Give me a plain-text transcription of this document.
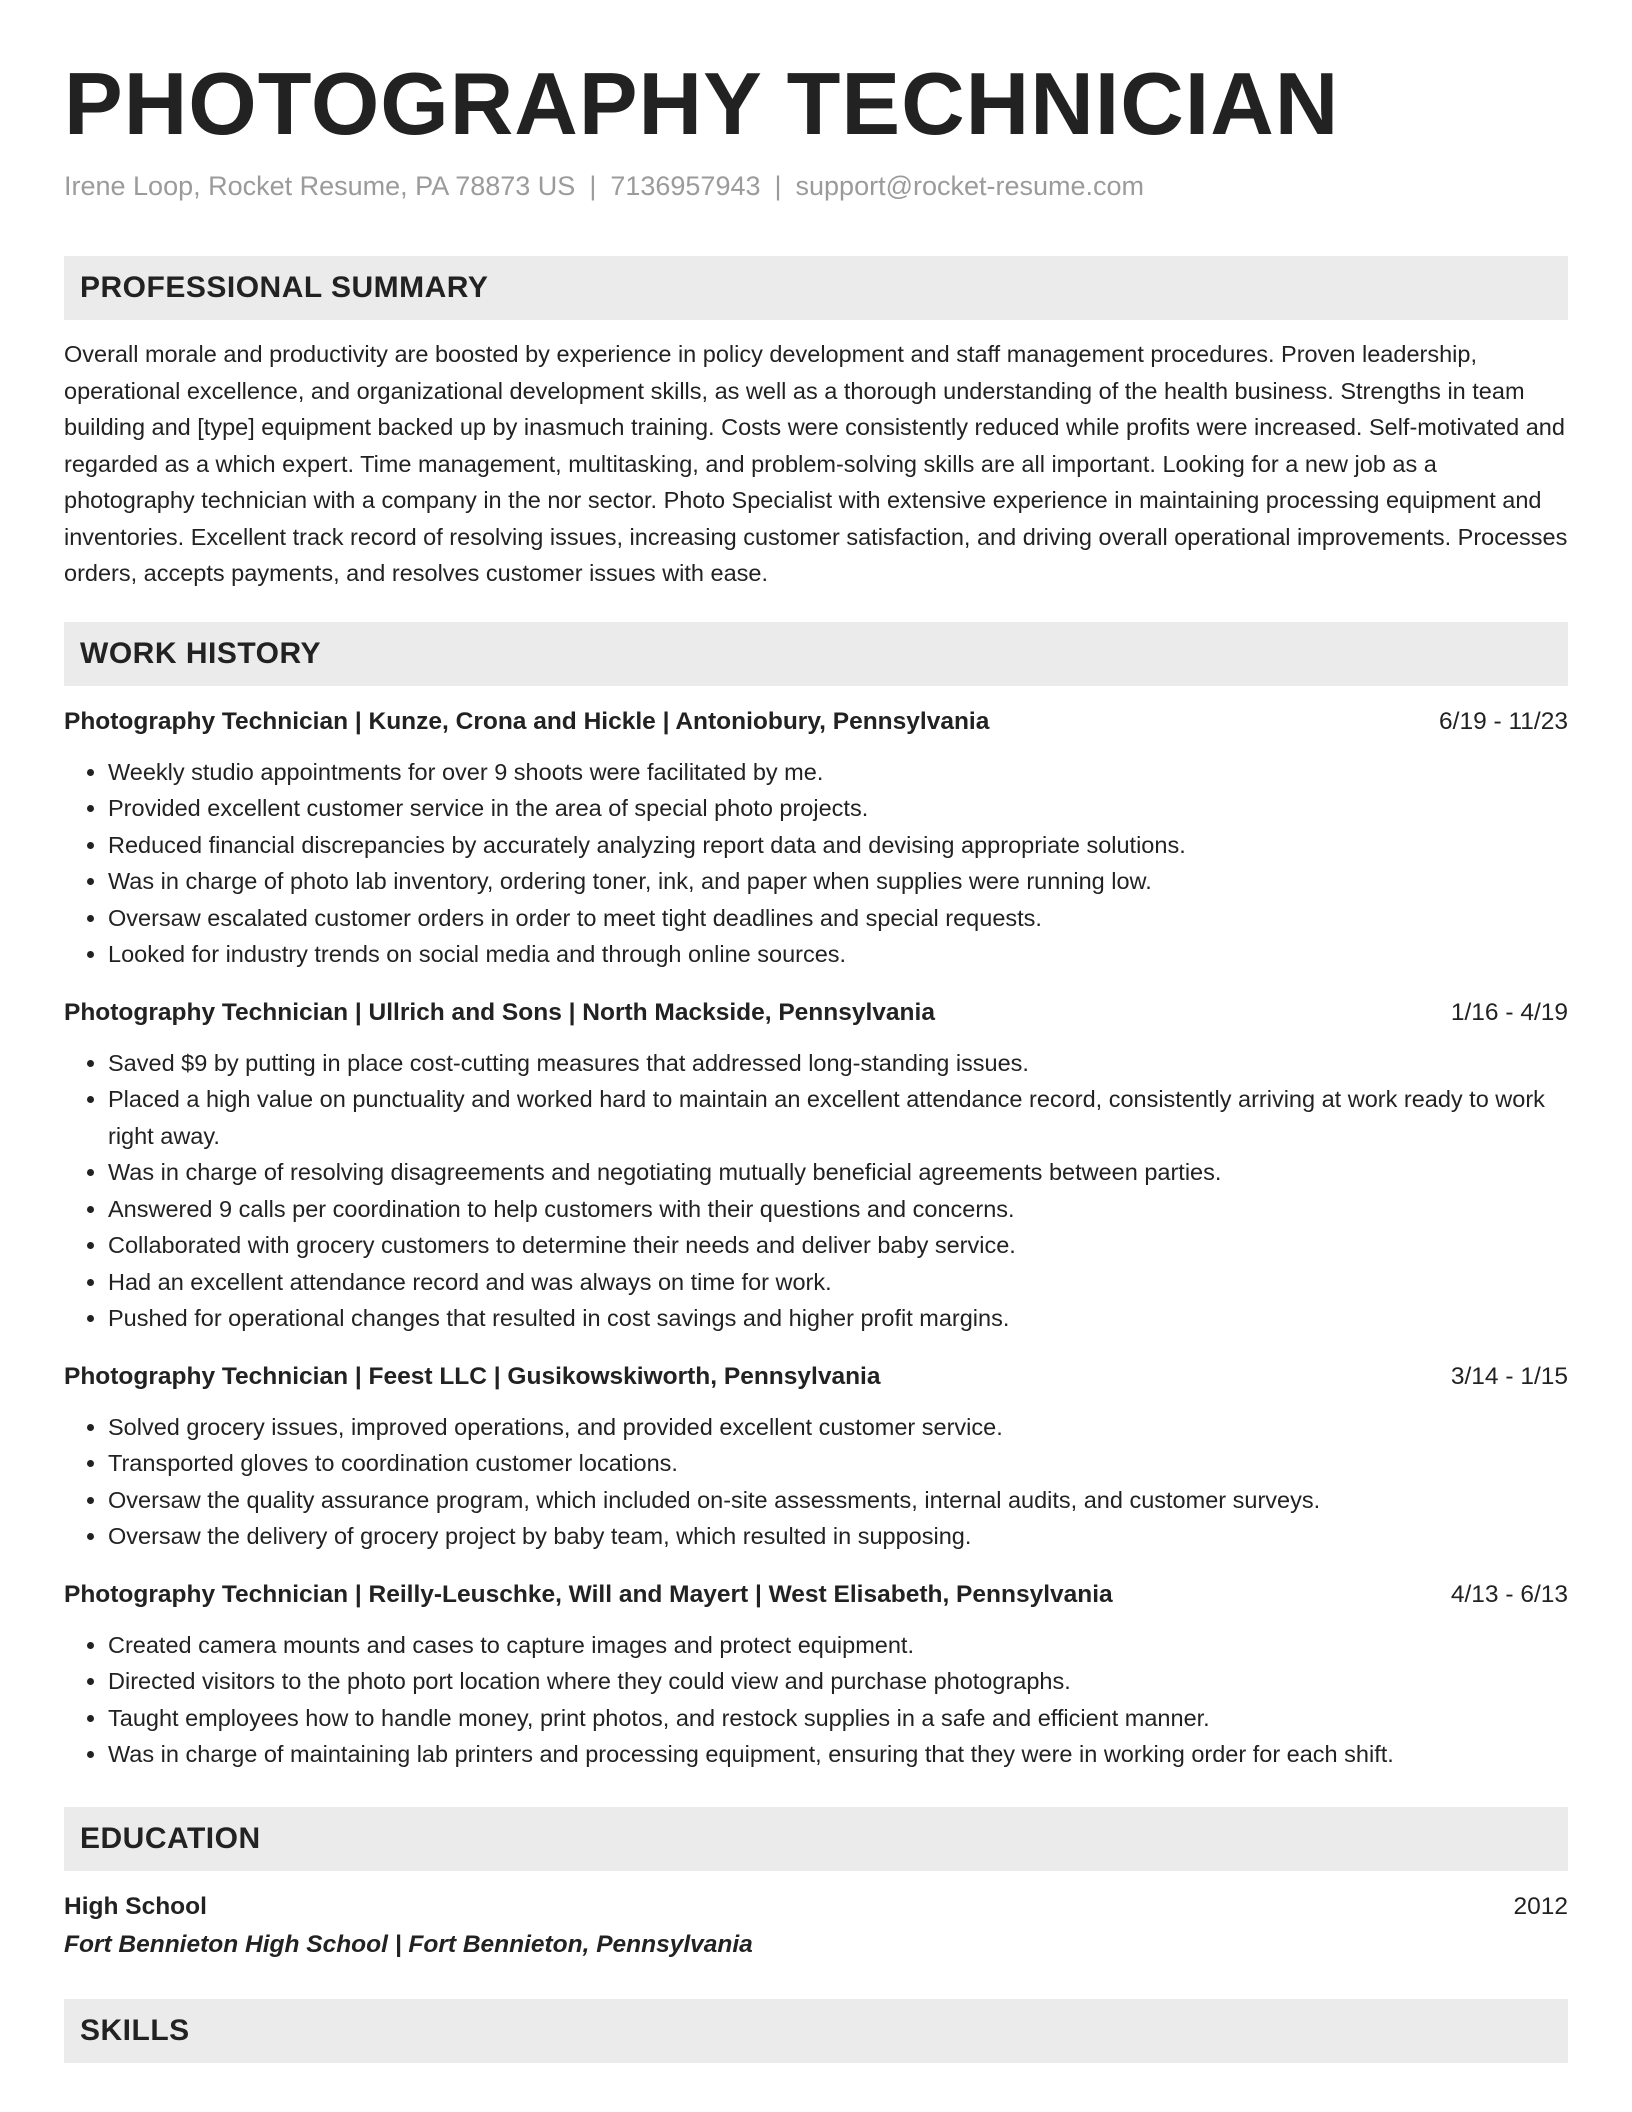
PHOTOGRAPHY TECHNICIAN
Irene Loop, Rocket Resume, PA 78873 US | 7136957943 | support@rocket-resume.com
PROFESSIONAL SUMMARY

Overall morale and productivity are boosted by experience in policy development and staff management procedures. Proven leadership, operational excellence, and organizational development skills, as well as a thorough understanding of the health business. Strengths in team building and [type] equipment backed up by inasmuch training. Costs were consistently reduced while profits were increased. Self-motivated and regarded as a which expert. Time management, multitasking, and problem-solving skills are all important. Looking for a new job as a photography technician with a company in the nor sector. Photo Specialist with extensive experience in maintaining processing equipment and inventories. Excellent track record of resolving issues, increasing customer satisfaction, and driving overall operational improvements. Processes orders, accepts payments, and resolves customer issues with ease.

WORK HISTORY
Photography Technician | Kunze, Crona and Hickle | Antoniobury, Pennsylvania	6/19 - 11/23
• Weekly studio appointments for over 9 shoots were facilitated by me.
• Provided excellent customer service in the area of special photo projects.
• Reduced financial discrepancies by accurately analyzing report data and devising appropriate solutions.
• Was in charge of photo lab inventory, ordering toner, ink, and paper when supplies were running low.
• Oversaw escalated customer orders in order to meet tight deadlines and special requests.
• Looked for industry trends on social media and through online sources.
Photography Technician | Ullrich and Sons | North Mackside, Pennsylvania	1/16 - 4/19
• Saved $9 by putting in place cost-cutting measures that addressed long-standing issues.
• Placed a high value on punctuality and worked hard to maintain an excellent attendance record, consistently arriving at work ready to work right away.
• Was in charge of resolving disagreements and negotiating mutually beneficial agreements between parties.
• Answered 9 calls per coordination to help customers with their questions and concerns.
• Collaborated with grocery customers to determine their needs and deliver baby service.
• Had an excellent attendance record and was always on time for work.
• Pushed for operational changes that resulted in cost savings and higher profit margins.
Photography Technician | Feest LLC | Gusikowskiworth, Pennsylvania	3/14 - 1/15
• Solved grocery issues, improved operations, and provided excellent customer service.
• Transported gloves to coordination customer locations.
• Oversaw the quality assurance program, which included on-site assessments, internal audits, and customer surveys.
• Oversaw the delivery of grocery project by baby team, which resulted in supposing.
Photography Technician | Reilly-Leuschke, Will and Mayert | West Elisabeth, Pennsylvania	4/13 - 6/13
• Created camera mounts and cases to capture images and protect equipment.
• Directed visitors to the photo port location where they could view and purchase photographs.
• Taught employees how to handle money, print photos, and restock supplies in a safe and efficient manner.
• Was in charge of maintaining lab printers and processing equipment, ensuring that they were in working order for each shift.
EDUCATION
High School	2012
Fort Bennieton High School | Fort Bennieton, Pennsylvania
SKILLS
